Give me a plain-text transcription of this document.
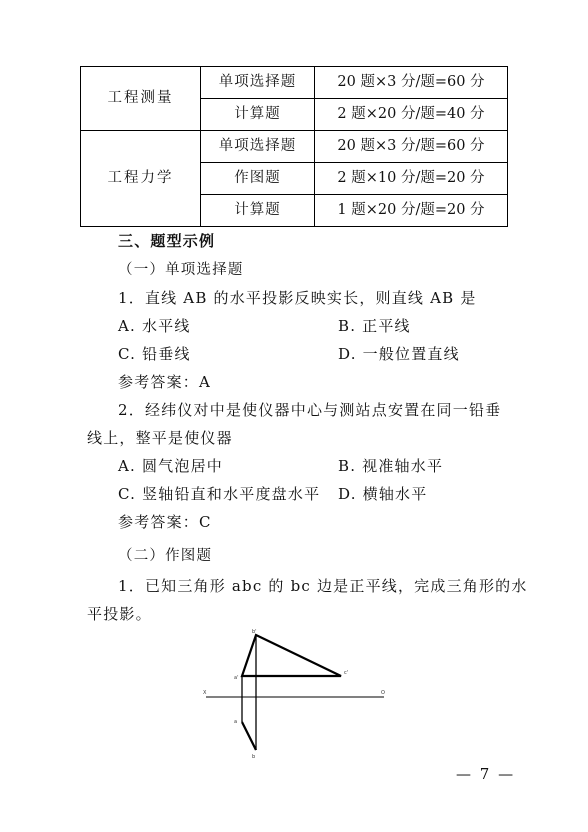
工程测量	单项选择题	20 题×3 分/题=60 分
	计算题	2 题×20 分/题=40 分
工程力学	单项选择题	20 题×3 分/题=60 分
	作图题	2 题×10 分/题=20 分
	计算题	1 题×20 分/题=20 分
三、题型示例
（一）单项选择题
1．直线 AB 的水平投影反映实长，则直线 AB 是
A. 水平线	B. 正平线
C. 铅垂线	D. 一般位置直线
参考答案：A
2．经纬仪对中是使仪器中心与测站点安置在同一铅垂
线上，整平是使仪器
A. 圆气泡居中	B. 视准轴水平
C. 竖轴铅直和水平度盘水平 D. 横轴水平
参考答案：C
（二）作图题
1．已知三角形 abc 的 bc 边是正平线，完成三角形的水
平投影。
b'
a'
c'
X	O
a
b
— 7 —
